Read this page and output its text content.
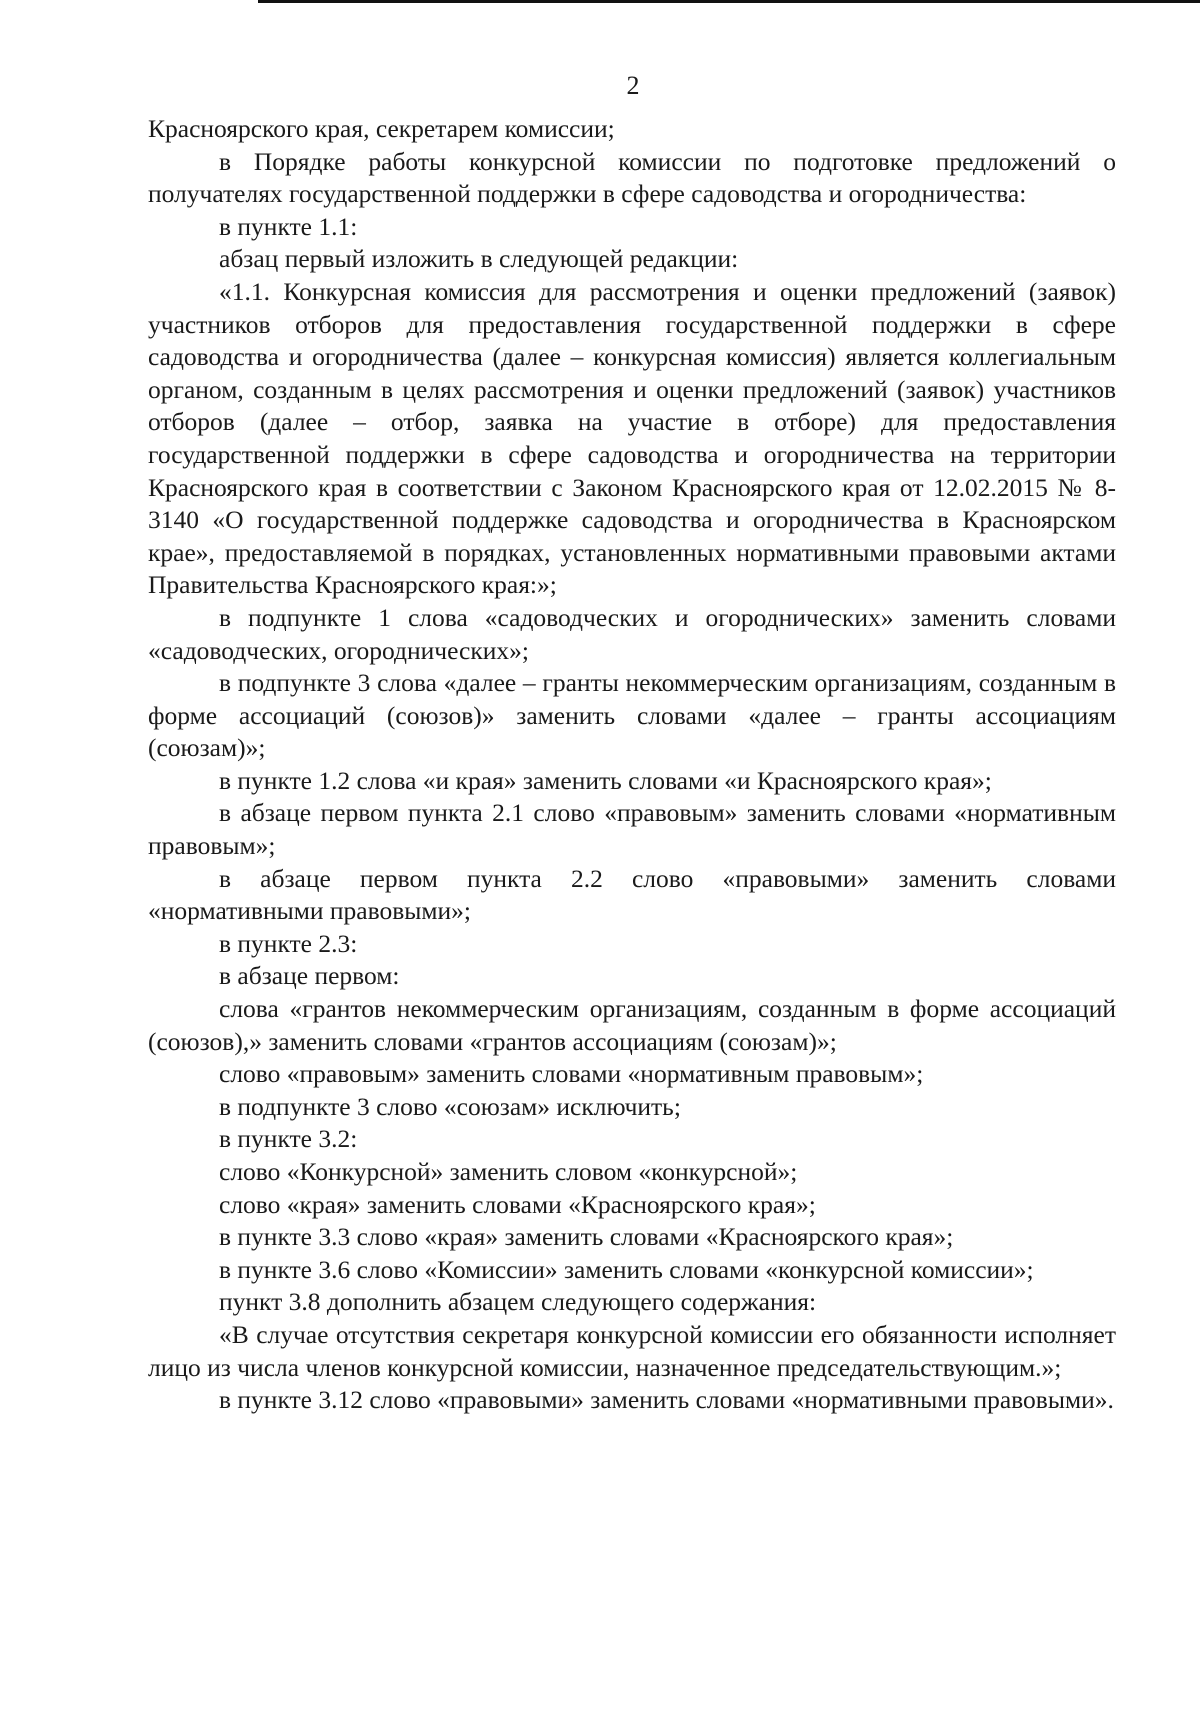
2

Красноярского края, секретарем комиссии;

в Порядке работы конкурсной комиссии по подготовке предложений о получателях государственной поддержки в сфере садоводства и огородничества:

в пункте 1.1:

абзац первый изложить в следующей редакции:

«1.1. Конкурсная комиссия для рассмотрения и оценки предложений (заявок) участников отборов для предоставления государственной поддержки в сфере садоводства и огородничества (далее – конкурсная комиссия) является коллегиальным органом, созданным в целях рассмотрения и оценки предложений (заявок) участников отборов (далее – отбор, заявка на участие в отборе) для предоставления государственной поддержки в сфере садоводства и огородничества на территории Красноярского края в соответствии с Законом Красноярского края от 12.02.2015 № 8-3140 «О государственной поддержке садоводства и огородничества в Красноярском крае», предоставляемой в порядках, установленных нормативными правовыми актами Правительства Красноярского края:»;

в подпункте 1 слова «садоводческих и огороднических» заменить словами «садоводческих, огороднических»;

в подпункте 3 слова «далее – гранты некоммерческим организациям, созданным в форме ассоциаций (союзов)» заменить словами «далее – гранты ассоциациям (союзам)»;

в пункте 1.2 слова «и края» заменить словами «и Красноярского края»;

в абзаце первом пункта 2.1 слово «правовым» заменить словами «нормативным правовым»;

в абзаце первом пункта 2.2 слово «правовыми» заменить словами «нормативными правовыми»;

в пункте 2.3:

в абзаце первом:

слова «грантов некоммерческим организациям, созданным в форме ассоциаций (союзов),» заменить словами «грантов ассоциациям (союзам)»;

слово «правовым» заменить словами «нормативным правовым»;

в подпункте 3 слово «союзам» исключить;

в пункте 3.2:

слово «Конкурсной» заменить словом «конкурсной»;

слово «края» заменить словами «Красноярского края»;

в пункте 3.3 слово «края» заменить словами «Красноярского края»;

в пункте 3.6 слово «Комиссии» заменить словами «конкурсной комиссии»;

пункт 3.8 дополнить абзацем следующего содержания:

«В случае отсутствия секретаря конкурсной комиссии его обязанности исполняет лицо из числа членов конкурсной комиссии, назначенное председательствующим.»;

в пункте 3.12 слово «правовыми» заменить словами «нормативными правовыми».
